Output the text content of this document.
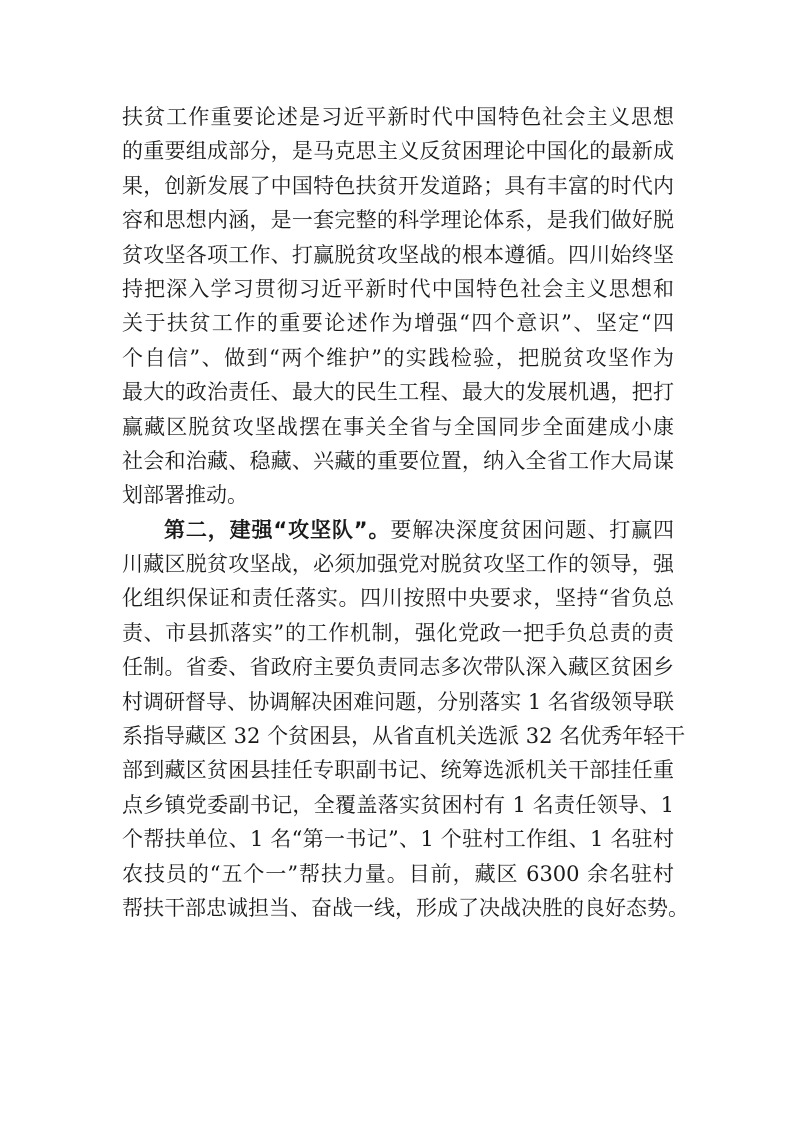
扶贫工作重要论述是习近平新时代中国特色社会主义思想
的重要组成部分，是马克思主义反贫困理论中国化的最新成
果，创新发展了中国特色扶贫开发道路；具有丰富的时代内
容和思想内涵，是一套完整的科学理论体系，是我们做好脱
贫攻坚各项工作、打赢脱贫攻坚战的根本遵循。四川始终坚
持把深入学习贯彻习近平新时代中国特色社会主义思想和
关于扶贫工作的重要论述作为增强“四个意识”、坚定“四
个自信”、做到“两个维护”的实践检验，把脱贫攻坚作为
最大的政治责任、最大的民生工程、最大的发展机遇，把打
赢藏区脱贫攻坚战摆在事关全省与全国同步全面建成小康
社会和治藏、稳藏、兴藏的重要位置，纳入全省工作大局谋
划部署推动。
第二，建强“攻坚队”。要解决深度贫困问题、打赢四
川藏区脱贫攻坚战，必须加强党对脱贫攻坚工作的领导，强
化组织保证和责任落实。四川按照中央要求，坚持“省负总
责、市县抓落实”的工作机制，强化党政一把手负总责的责
任制。省委、省政府主要负责同志多次带队深入藏区贫困乡
村调研督导、协调解决困难问题，分别落实 1 名省级领导联
系指导藏区 32 个贫困县，从省直机关选派 32 名优秀年轻干
部到藏区贫困县挂任专职副书记、统筹选派机关干部挂任重
点乡镇党委副书记，全覆盖落实贫困村有 1 名责任领导、1
个帮扶单位、1 名“第一书记”、1 个驻村工作组、1 名驻村
农技员的“五个一”帮扶力量。目前，藏区 6300 余名驻村
帮扶干部忠诚担当、奋战一线，形成了决战决胜的良好态势。
